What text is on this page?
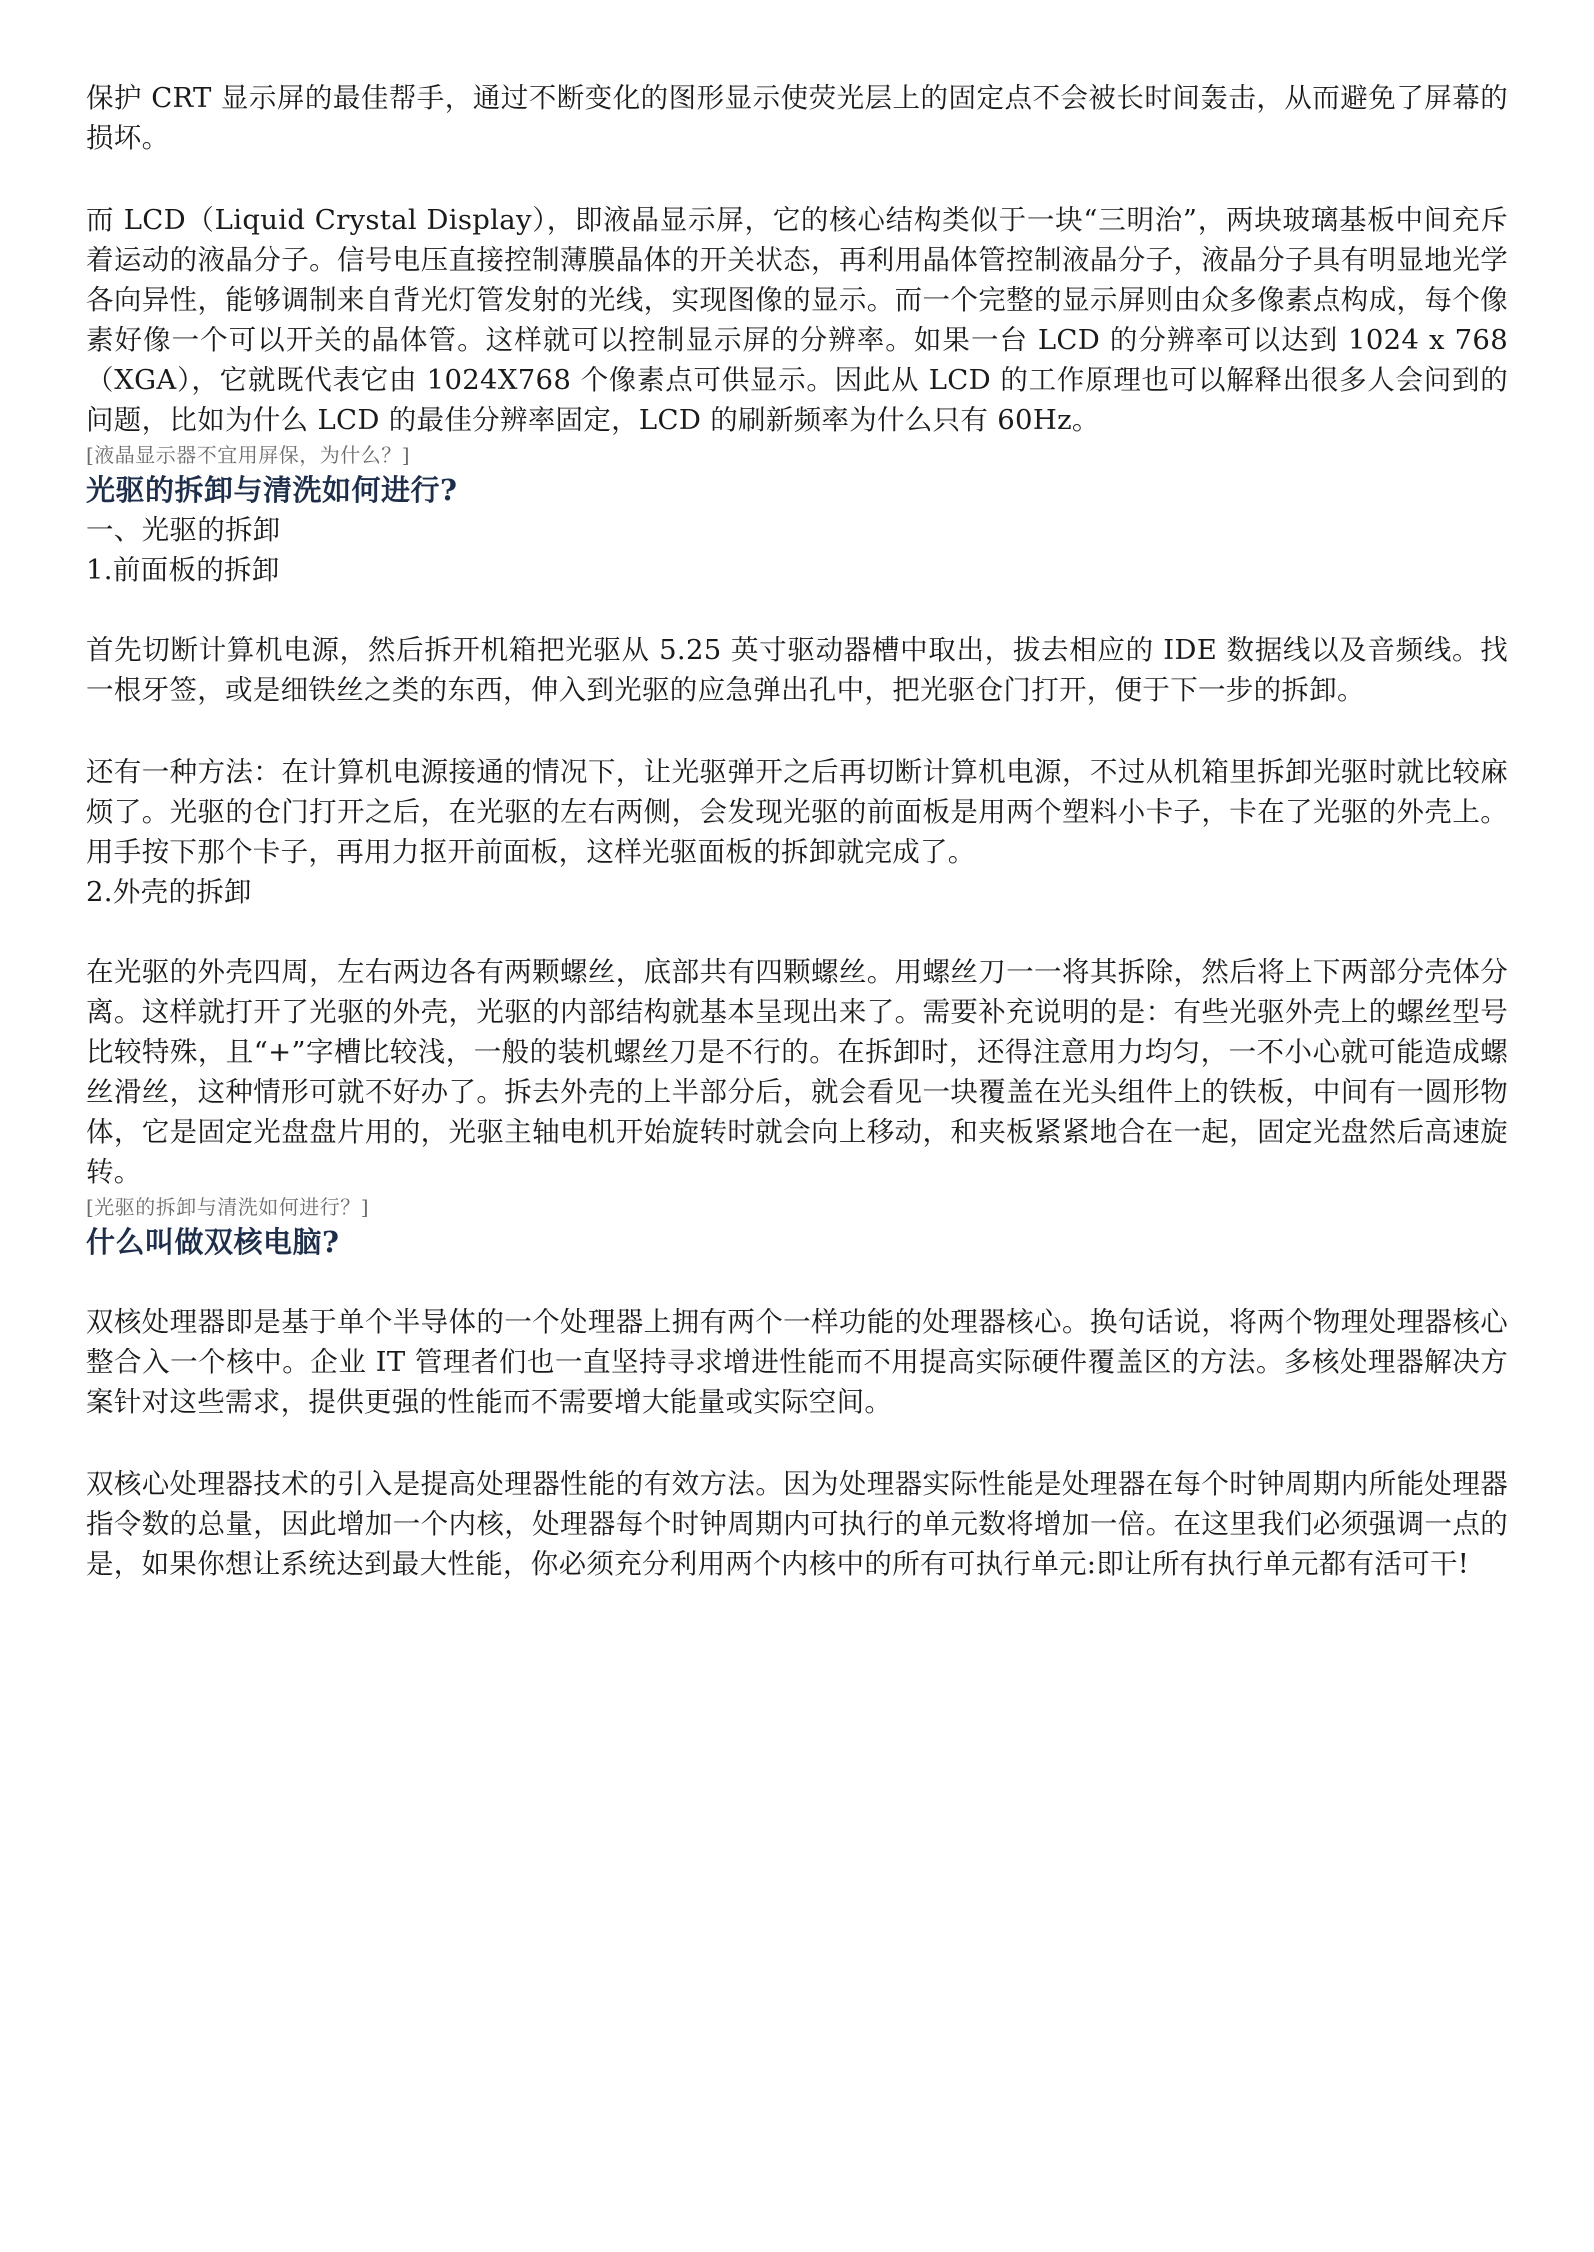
保护 CRT 显示屏的最佳帮手，通过不断变化的图形显示使荧光层上的固定点不会被长时间轰击，从而避免了屏幕的损坏。

而 LCD（Liquid Crystal Display），即液晶显示屏，它的核心结构类似于一块“三明治”，两块玻璃基板中间充斥着运动的液晶分子。信号电压直接控制薄膜晶体的开关状态，再利用晶体管控制液晶分子，液晶分子具有明显地光学各向异性，能够调制来自背光灯管发射的光线，实现图像的显示。而一个完整的显示屏则由众多像素点构成，每个像素好像一个可以开关的晶体管。这样就可以控制显示屏的分辨率。如果一台 LCD 的分辨率可以达到 1024 x 768（XGA），它就既代表它由 1024X768 个像素点可供显示。因此从 LCD 的工作原理也可以解释出很多人会问到的问题，比如为什么 LCD 的最佳分辨率固定，LCD 的刷新频率为什么只有 60Hz。

[液晶显示器不宜用屏保，为什么？]

光驱的拆卸与清洗如何进行?

一、光驱的拆卸

1.前面板的拆卸

首先切断计算机电源，然后拆开机箱把光驱从 5.25 英寸驱动器槽中取出，拔去相应的 IDE 数据线以及音频线。找一根牙签，或是细铁丝之类的东西，伸入到光驱的应急弹出孔中，把光驱仓门打开，便于下一步的拆卸。

还有一种方法：在计算机电源接通的情况下，让光驱弹开之后再切断计算机电源，不过从机箱里拆卸光驱时就比较麻烦了。光驱的仓门打开之后，在光驱的左右两侧，会发现光驱的前面板是用两个塑料小卡子，卡在了光驱的外壳上。用手按下那个卡子，再用力抠开前面板，这样光驱面板的拆卸就完成了。

2.外壳的拆卸

在光驱的外壳四周，左右两边各有两颗螺丝，底部共有四颗螺丝。用螺丝刀一一将其拆除，然后将上下两部分壳体分离。这样就打开了光驱的外壳，光驱的内部结构就基本呈现出来了。需要补充说明的是：有些光驱外壳上的螺丝型号比较特殊，且“+”字槽比较浅，一般的装机螺丝刀是不行的。在拆卸时，还得注意用力均匀，一不小心就可能造成螺丝滑丝，这种情形可就不好办了。拆去外壳的上半部分后，就会看见一块覆盖在光头组件上的铁板，中间有一圆形物体，它是固定光盘盘片用的，光驱主轴电机开始旋转时就会向上移动，和夹板紧紧地合在一起，固定光盘然后高速旋转。

[光驱的拆卸与清洗如何进行？]

什么叫做双核电脑?

双核处理器即是基于单个半导体的一个处理器上拥有两个一样功能的处理器核心。换句话说，将两个物理处理器核心整合入一个核中。企业 IT 管理者们也一直坚持寻求增进性能而不用提高实际硬件覆盖区的方法。多核处理器解决方案针对这些需求，提供更强的性能而不需要增大能量或实际空间。

双核心处理器技术的引入是提高处理器性能的有效方法。因为处理器实际性能是处理器在每个时钟周期内所能处理器指令数的总量，因此增加一个内核，处理器每个时钟周期内可执行的单元数将增加一倍。在这里我们必须强调一点的是，如果你想让系统达到最大性能，你必须充分利用两个内核中的所有可执行单元:即让所有执行单元都有活可干!
